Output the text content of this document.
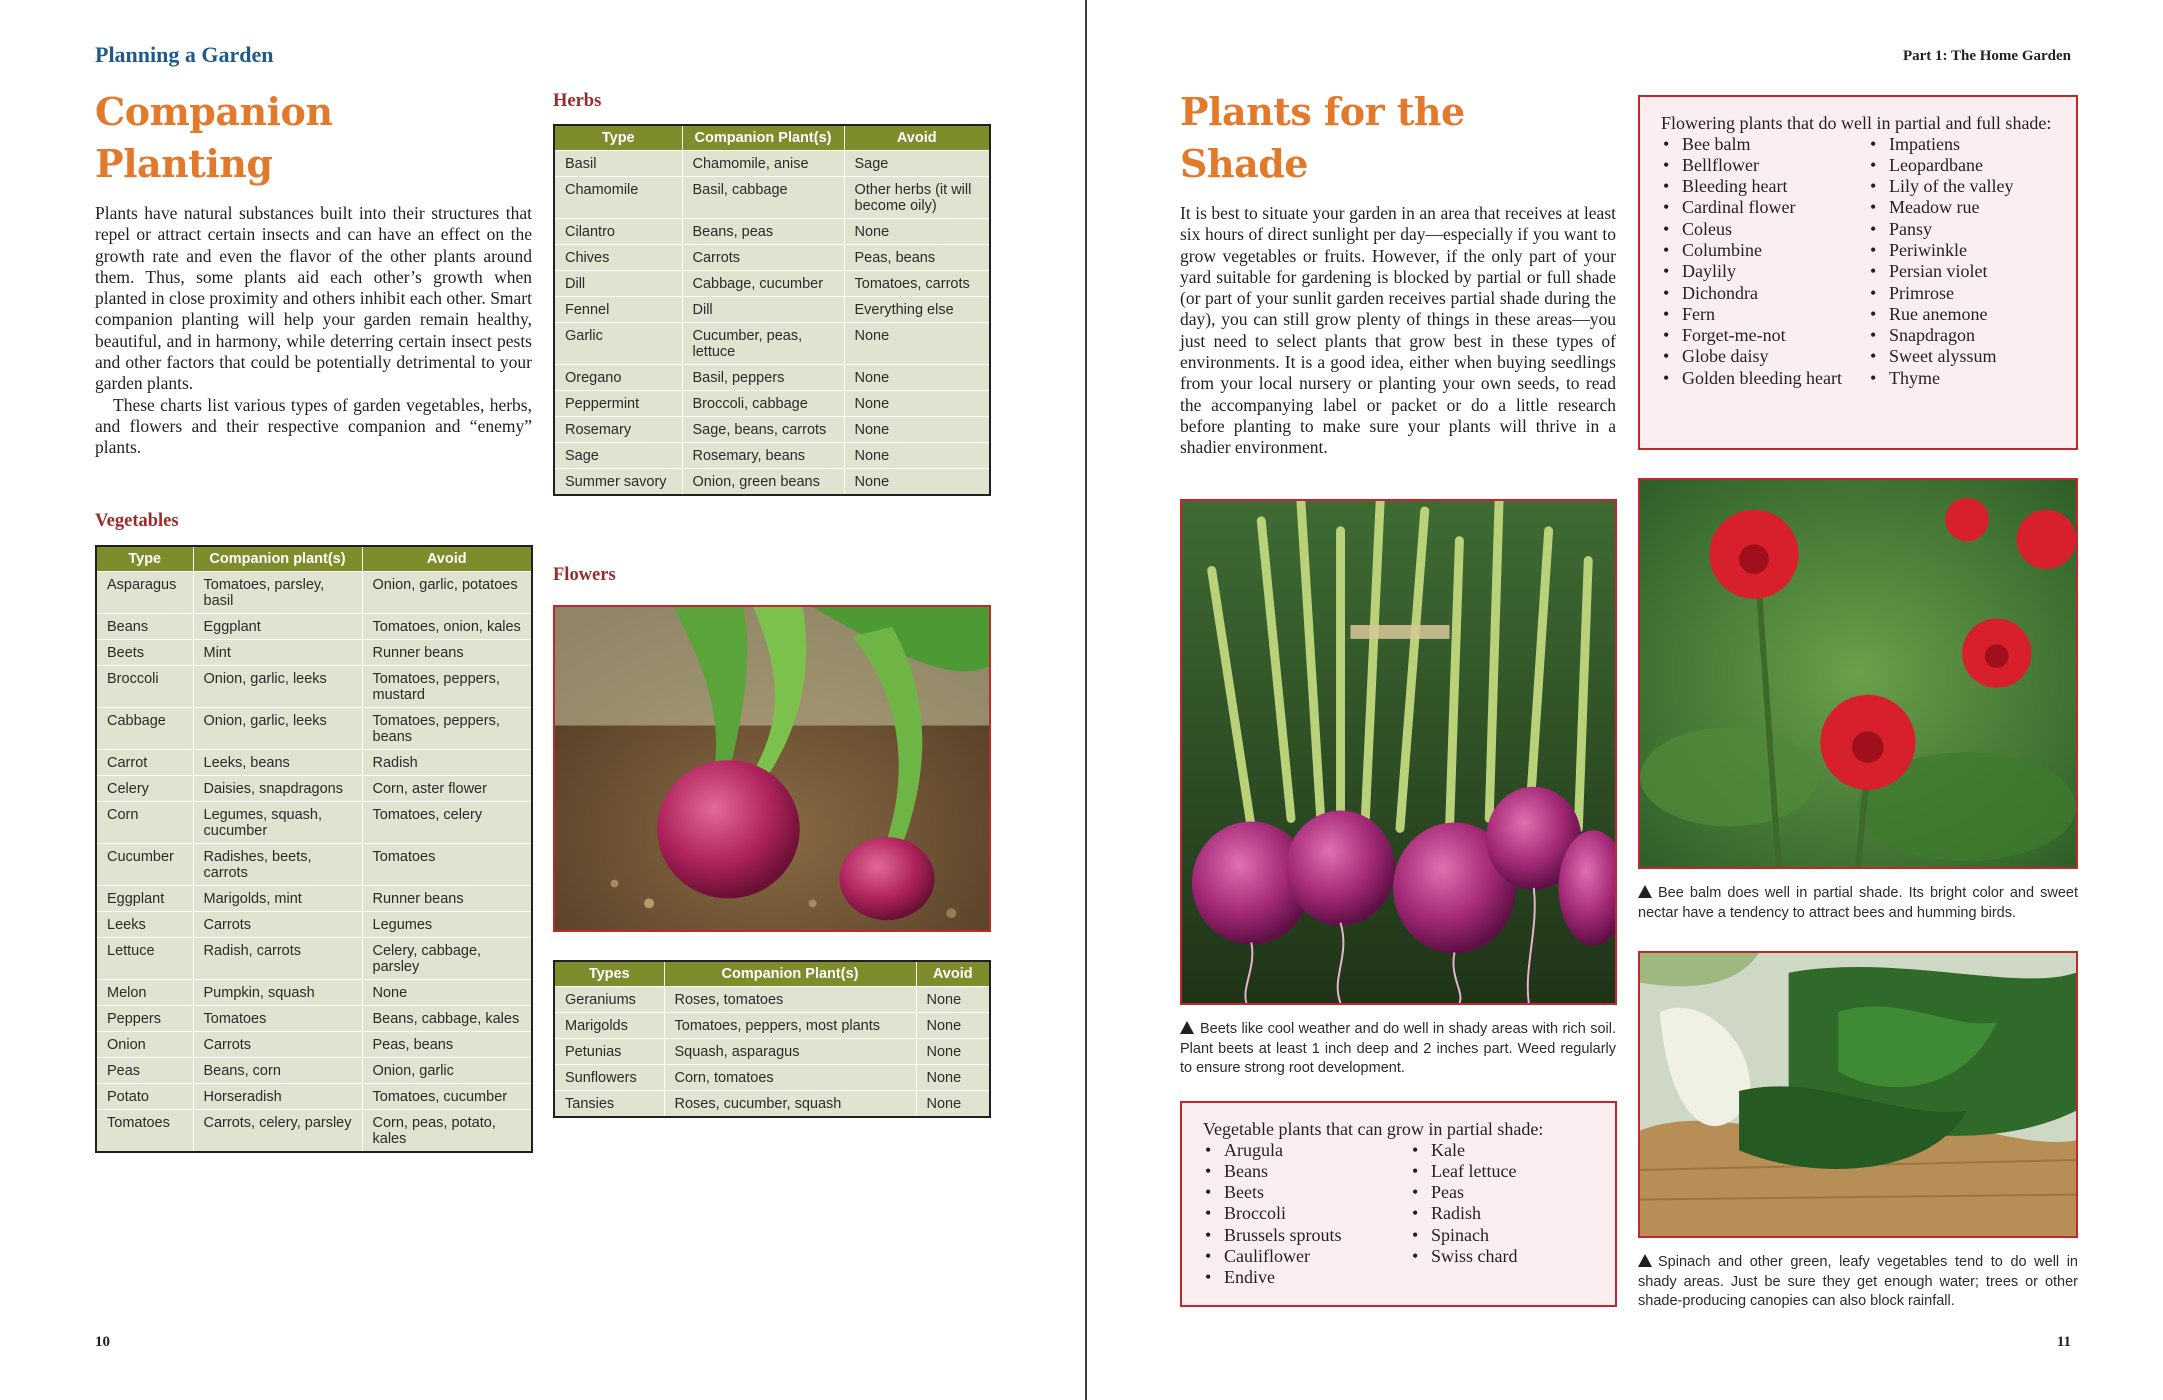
Planning a Garden
Companion
Planting

Plants have natural substances built into their structures that repel or attract certain insects and can have an effect on the growth rate and even the flavor of the other plants around them. Thus, some plants aid each other’s growth when planted in close proximity and others inhibit each other. Smart companion planting will help your garden remain healthy, beautiful, and in harmony, while deterring certain insect pests and other factors that could be potentially detrimental to your garden plants.

These charts list various types of garden vegetables, herbs, and flowers and their respective companion and “enemy” plants.

Vegetables
Type	Companion plant(s)	Avoid
Asparagus	Tomatoes, parsley, basil	Onion, garlic, potatoes
Beans	Eggplant	Tomatoes, onion, kales
Beets	Mint	Runner beans
Broccoli	Onion, garlic, leeks	Tomatoes, peppers, mustard
Cabbage	Onion, garlic, leeks	Tomatoes, peppers, beans
Carrot	Leeks, beans	Radish
Celery	Daisies, snapdragons	Corn, aster flower
Corn	Legumes, squash, cucumber	Tomatoes, celery
Cucumber	Radishes, beets, carrots	Tomatoes
Eggplant	Marigolds, mint	Runner beans
Leeks	Carrots	Legumes
Lettuce	Radish, carrots	Celery, cabbage, parsley
Melon	Pumpkin, squash	None
Peppers	Tomatoes	Beans, cabbage, kales
Onion	Carrots	Peas, beans
Peas	Beans, corn	Onion, garlic
Potato	Horseradish	Tomatoes, cucumber
Tomatoes	Carrots, celery, parsley	Corn, peas, potato, kales
Herbs
Type	Companion Plant(s)	Avoid
Basil	Chamomile, anise	Sage
Chamomile	Basil, cabbage	Other herbs (it will become oily)
Cilantro	Beans, peas	None
Chives	Carrots	Peas, beans
Dill	Cabbage, cucumber	Tomatoes, carrots
Fennel	Dill	Everything else
Garlic	Cucumber, peas, lettuce	None
Oregano	Basil, peppers	None
Peppermint	Broccoli, cabbage	None
Rosemary	Sage, beans, carrots	None
Sage	Rosemary, beans	None
Summer savory	Onion, green beans	None
Flowers
Types	Companion Plant(s)	Avoid
Geraniums	Roses, tomatoes	None
Marigolds	Tomatoes, peppers, most plants	None
Petunias	Squash, asparagus	None
Sunflowers	Corn, tomatoes	None
Tansies	Roses, cucumber, squash	None
10
Part 1: The Home Garden
Plants for the
Shade

It is best to situate your garden in an area that receives at least six hours of direct sunlight per day—especially if you want to grow vegetables or fruits. However, if the only part of your yard suitable for gardening is blocked by partial or full shade (or part of your sunlit garden receives partial shade during the day), you can still grow plenty of things in these areas—you just need to select plants that grow best in these types of environments. It is a good idea, either when buying seedlings from your local nursery or planting your own seeds, to read the accompanying label or packet or do a little research before planting to make sure your plants will thrive in a shadier environment.

Flowering plants that do well in partial and full shade:
• Bee balm
• Bellflower
• Bleeding heart
• Cardinal flower
• Coleus
• Columbine
• Daylily
• Dichondra
• Fern
• Forget-me-not
• Globe daisy
• Golden bleeding heart
• Impatiens
• Leopardbane
• Lily of the valley
• Meadow rue
• Pansy
• Periwinkle
• Persian violet
• Primrose
• Rue anemone
• Snapdragon
• Sweet alyssum
• Thyme
Beets like cool weather and do well in shady areas with rich soil. Plant beets at least 1 inch deep and 2 inches part. Weed regularly to ensure strong root development.
Vegetable plants that can grow in partial shade:
• Arugula
• Beans
• Beets
• Broccoli
• Brussels sprouts
• Cauliflower
• Endive
• Kale
• Leaf lettuce
• Peas
• Radish
• Spinach
• Swiss chard
Bee balm does well in partial shade. Its bright color and sweet nectar have a tendency to attract bees and humming birds.
Spinach and other green, leafy vegetables tend to do well in shady areas. Just be sure they get enough water; trees or other shade-producing canopies can also block rainfall.
11
